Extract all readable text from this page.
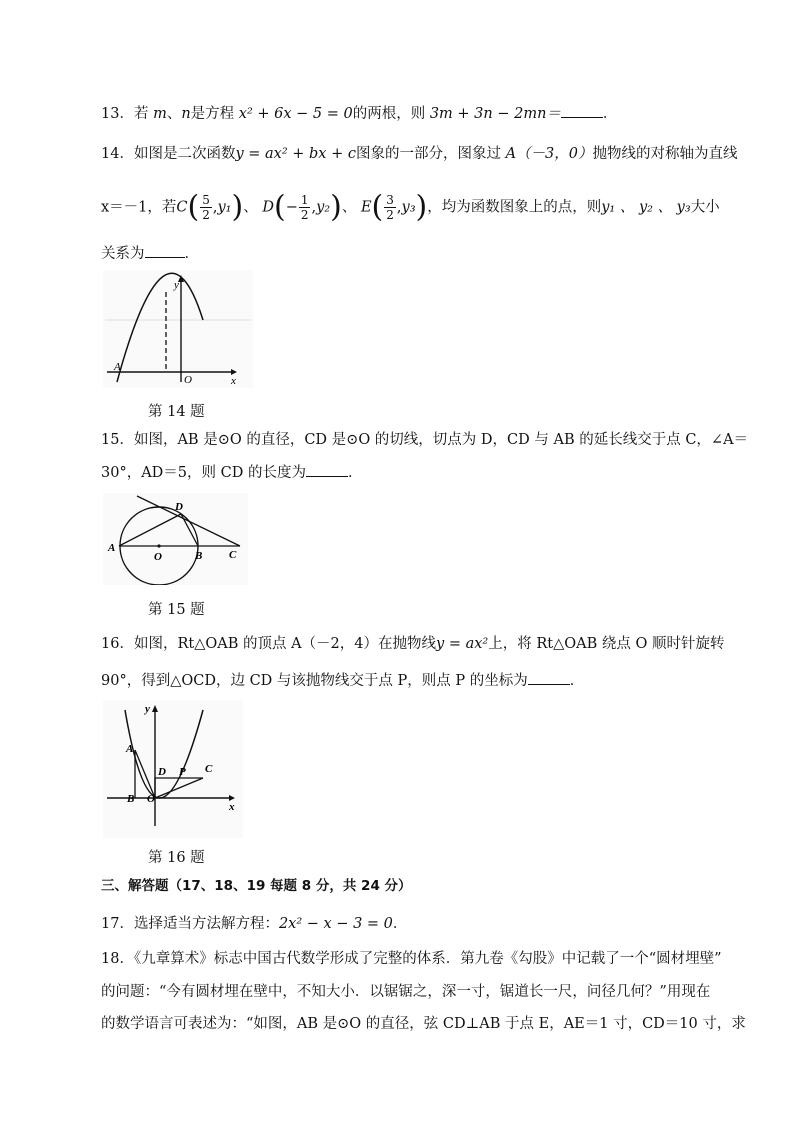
13．若 m、n是方程 x² + 6x − 5 = 0的两根，则 3m + 3n − 2mn＝	．
14．如图是二次函数y = ax² + bx + c图象的一部分，图象过 A（－3，0）抛物线的对称轴为直线
x＝－1，若$C( \frac{5}{2} ,y_1)$、 $D(- \frac{1}{2} ,y_2)$、 $E( \frac{3}{2} ,y_3)$，均为函数图象上的点，则y₁ 、 y₂ 、 y₃大小
关系为	．
y
x
A
O
第 14 题
15．如图，AB 是⊙O 的直径，CD 是⊙O 的切线，切点为 D，CD 与 AB 的延长线交于点 C，∠A＝
30°，AD＝5，则 CD 的长度为	．
A
O	B C
D
第 15 题
16．如图，Rt△OAB 的顶点 A（－2，4）在抛物线y = ax²上，将 Rt△OAB 绕点 O 顺时针旋转
90°，得到△OCD，边 CD 与该抛物线交于点 P，则点 P 的坐标为	．
y
x
A
B O
D P C
第 16 题
三、解答题（17、18、19 每题 8 分，共 24 分）
17．选择适当方法解方程：2x² − x − 3 = 0．
18．《九章算术》标志中国古代数学形成了完整的体系．第九卷《勾股》中记载了一个“圆材埋壁”
的问题：“今有圆材埋在壁中，不知大小．以锯锯之，深一寸，锯道长一尺，问径几何？”用现在
的数学语言可表述为：“如图，AB 是⊙O 的直径，弦 CD⊥AB 于点 E，AE＝1 寸，CD＝10 寸，求
